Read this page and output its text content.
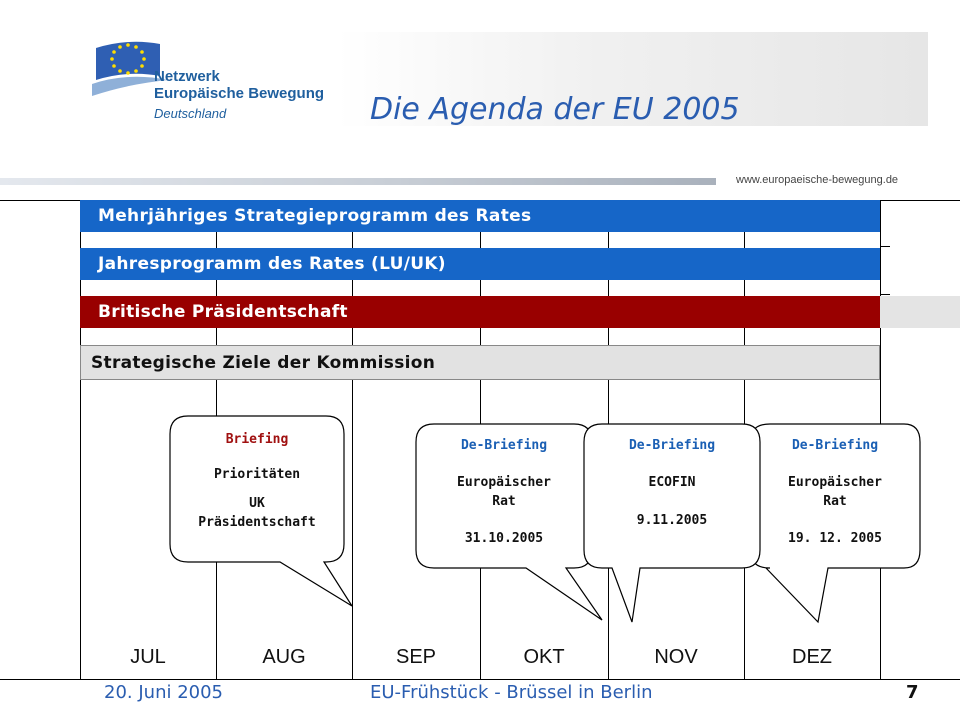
Netzwerk
Europäische Bewegung
Deutschland	Die Agenda der EU 2005
www.europaeische-bewegung.de
Mehrjähriges Strategieprogramm des Rates
Jahresprogramm des Rates (LU/UK)
Britische Präsidentschaft
Strategische Ziele der Kommission
Briefing
Prioritäten
UK
Präsidentschaft
De-Briefing
Europäischer
Rat
31.10.2005
De-Briefing
ECOFIN
9.11.2005
De-Briefing
Europäischer
Rat
19. 12. 2005
JUL	AUG	SEP	OKT	NOV	DEZ
20. Juni 2005	EU-Frühstück - Brüssel in Berlin	7
